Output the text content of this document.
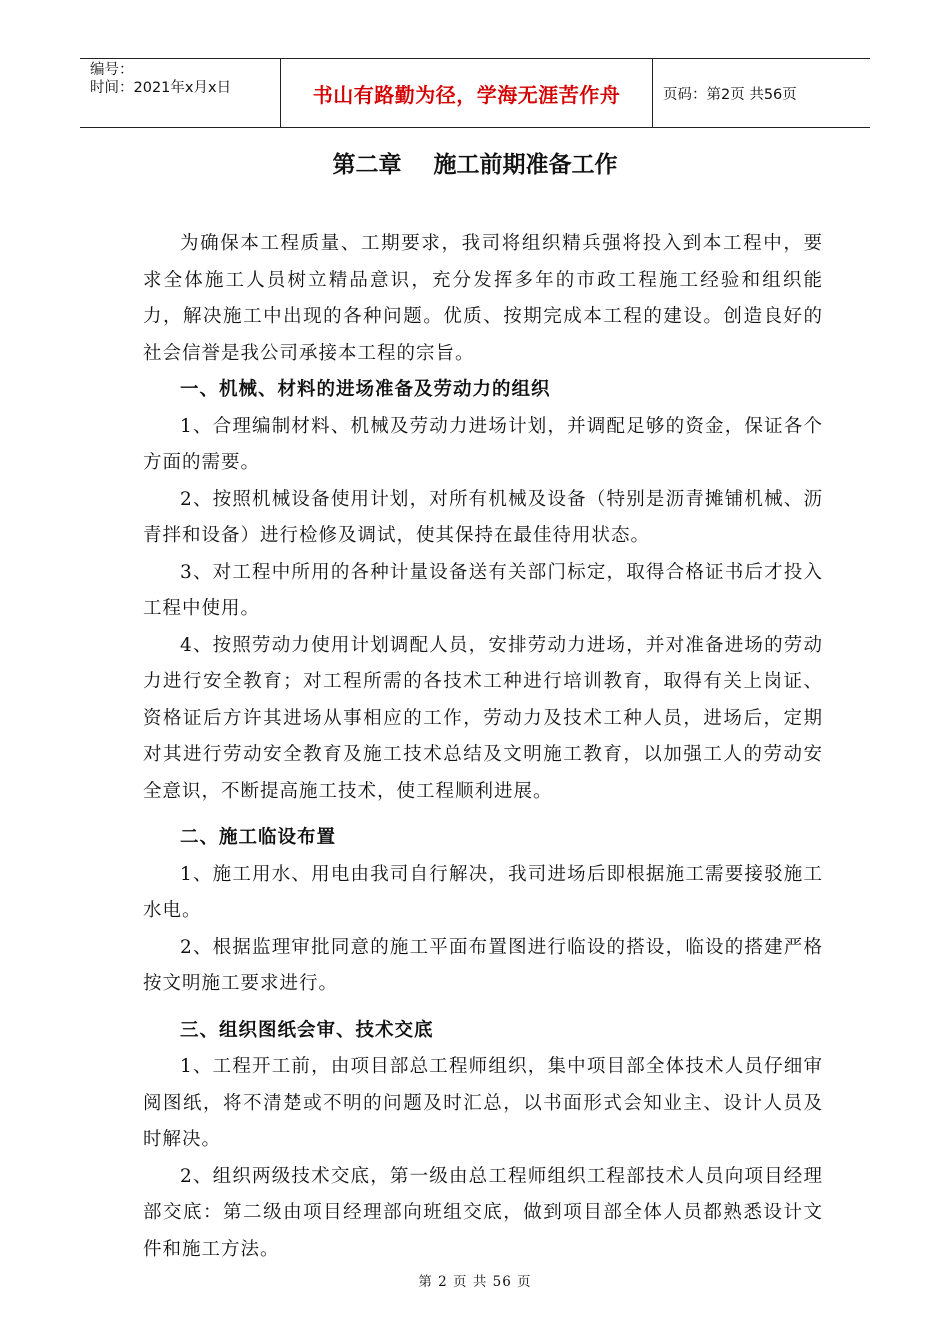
编号：
时间：2021年x月x日	书山有路勤为径，学海无涯苦作舟	页码：第2页 共56页
第二章    施工前期准备工作

为确保本工程质量、工期要求，我司将组织精兵强将投入到本工程中，要求全体施工人员树立精品意识，充分发挥多年的市政工程施工经验和组织能力，解决施工中出现的各种问题。优质、按期完成本工程的建设。创造良好的社会信誉是我公司承接本工程的宗旨。

一、机械、材料的进场准备及劳动力的组织

1、合理编制材料、机械及劳动力进场计划，并调配足够的资金，保证各个方面的需要。

2、按照机械设备使用计划，对所有机械及设备（特别是沥青摊铺机械、沥青拌和设备）进行检修及调试，使其保持在最佳待用状态。

3、对工程中所用的各种计量设备送有关部门标定，取得合格证书后才投入工程中使用。

4、按照劳动力使用计划调配人员，安排劳动力进场，并对准备进场的劳动力进行安全教育；对工程所需的各技术工种进行培训教育，取得有关上岗证、资格证后方许其进场从事相应的工作，劳动力及技术工种人员，进场后，定期对其进行劳动安全教育及施工技术总结及文明施工教育，以加强工人的劳动安全意识，不断提高施工技术，使工程顺利进展。

二、施工临设布置

1、施工用水、用电由我司自行解决，我司进场后即根据施工需要接驳施工水电。

2、根据监理审批同意的施工平面布置图进行临设的搭设，临设的搭建严格按文明施工要求进行。

三、组织图纸会审、技术交底

1、工程开工前，由项目部总工程师组织，集中项目部全体技术人员仔细审阅图纸，将不清楚或不明的问题及时汇总，以书面形式会知业主、设计人员及时解决。

2、组织两级技术交底，第一级由总工程师组织工程部技术人员向项目经理部交底：第二级由项目经理部向班组交底，做到项目部全体人员都熟悉设计文件和施工方法。

第 2 页 共 56 页
